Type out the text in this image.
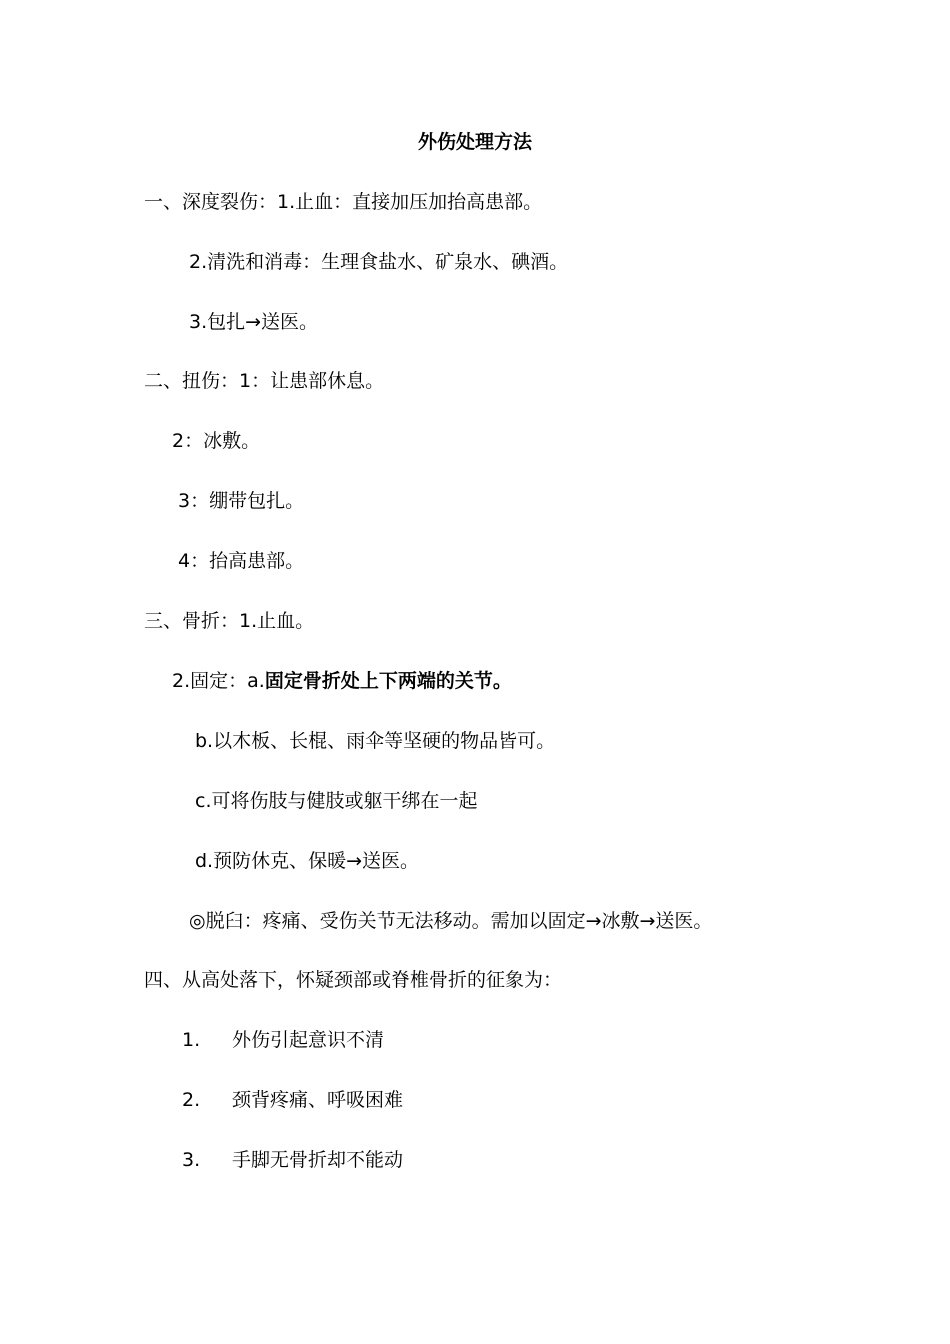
外伤处理方法
一、深度裂伤：1.止血：直接加压加抬高患部。
2.清洗和消毒：生理食盐水、矿泉水、碘酒。
3.包扎→送医。
二、扭伤：1：让患部休息。
2：冰敷。
3：绷带包扎。
4：抬高患部。
三、骨折：1.止血。
2.固定：a.固定骨折处上下两端的关节。
b.以木板、长棍、雨伞等坚硬的物品皆可。
c.可将伤肢与健肢或躯干绑在一起
d.预防休克、保暖→送医。
◎脱臼：疼痛、受伤关节无法移动。需加以固定→冰敷→送医。
四、从高处落下，怀疑颈部或脊椎骨折的征象为：
1. 外伤引起意识不清
2. 颈背疼痛、呼吸困难
3. 手脚无骨折却不能动
